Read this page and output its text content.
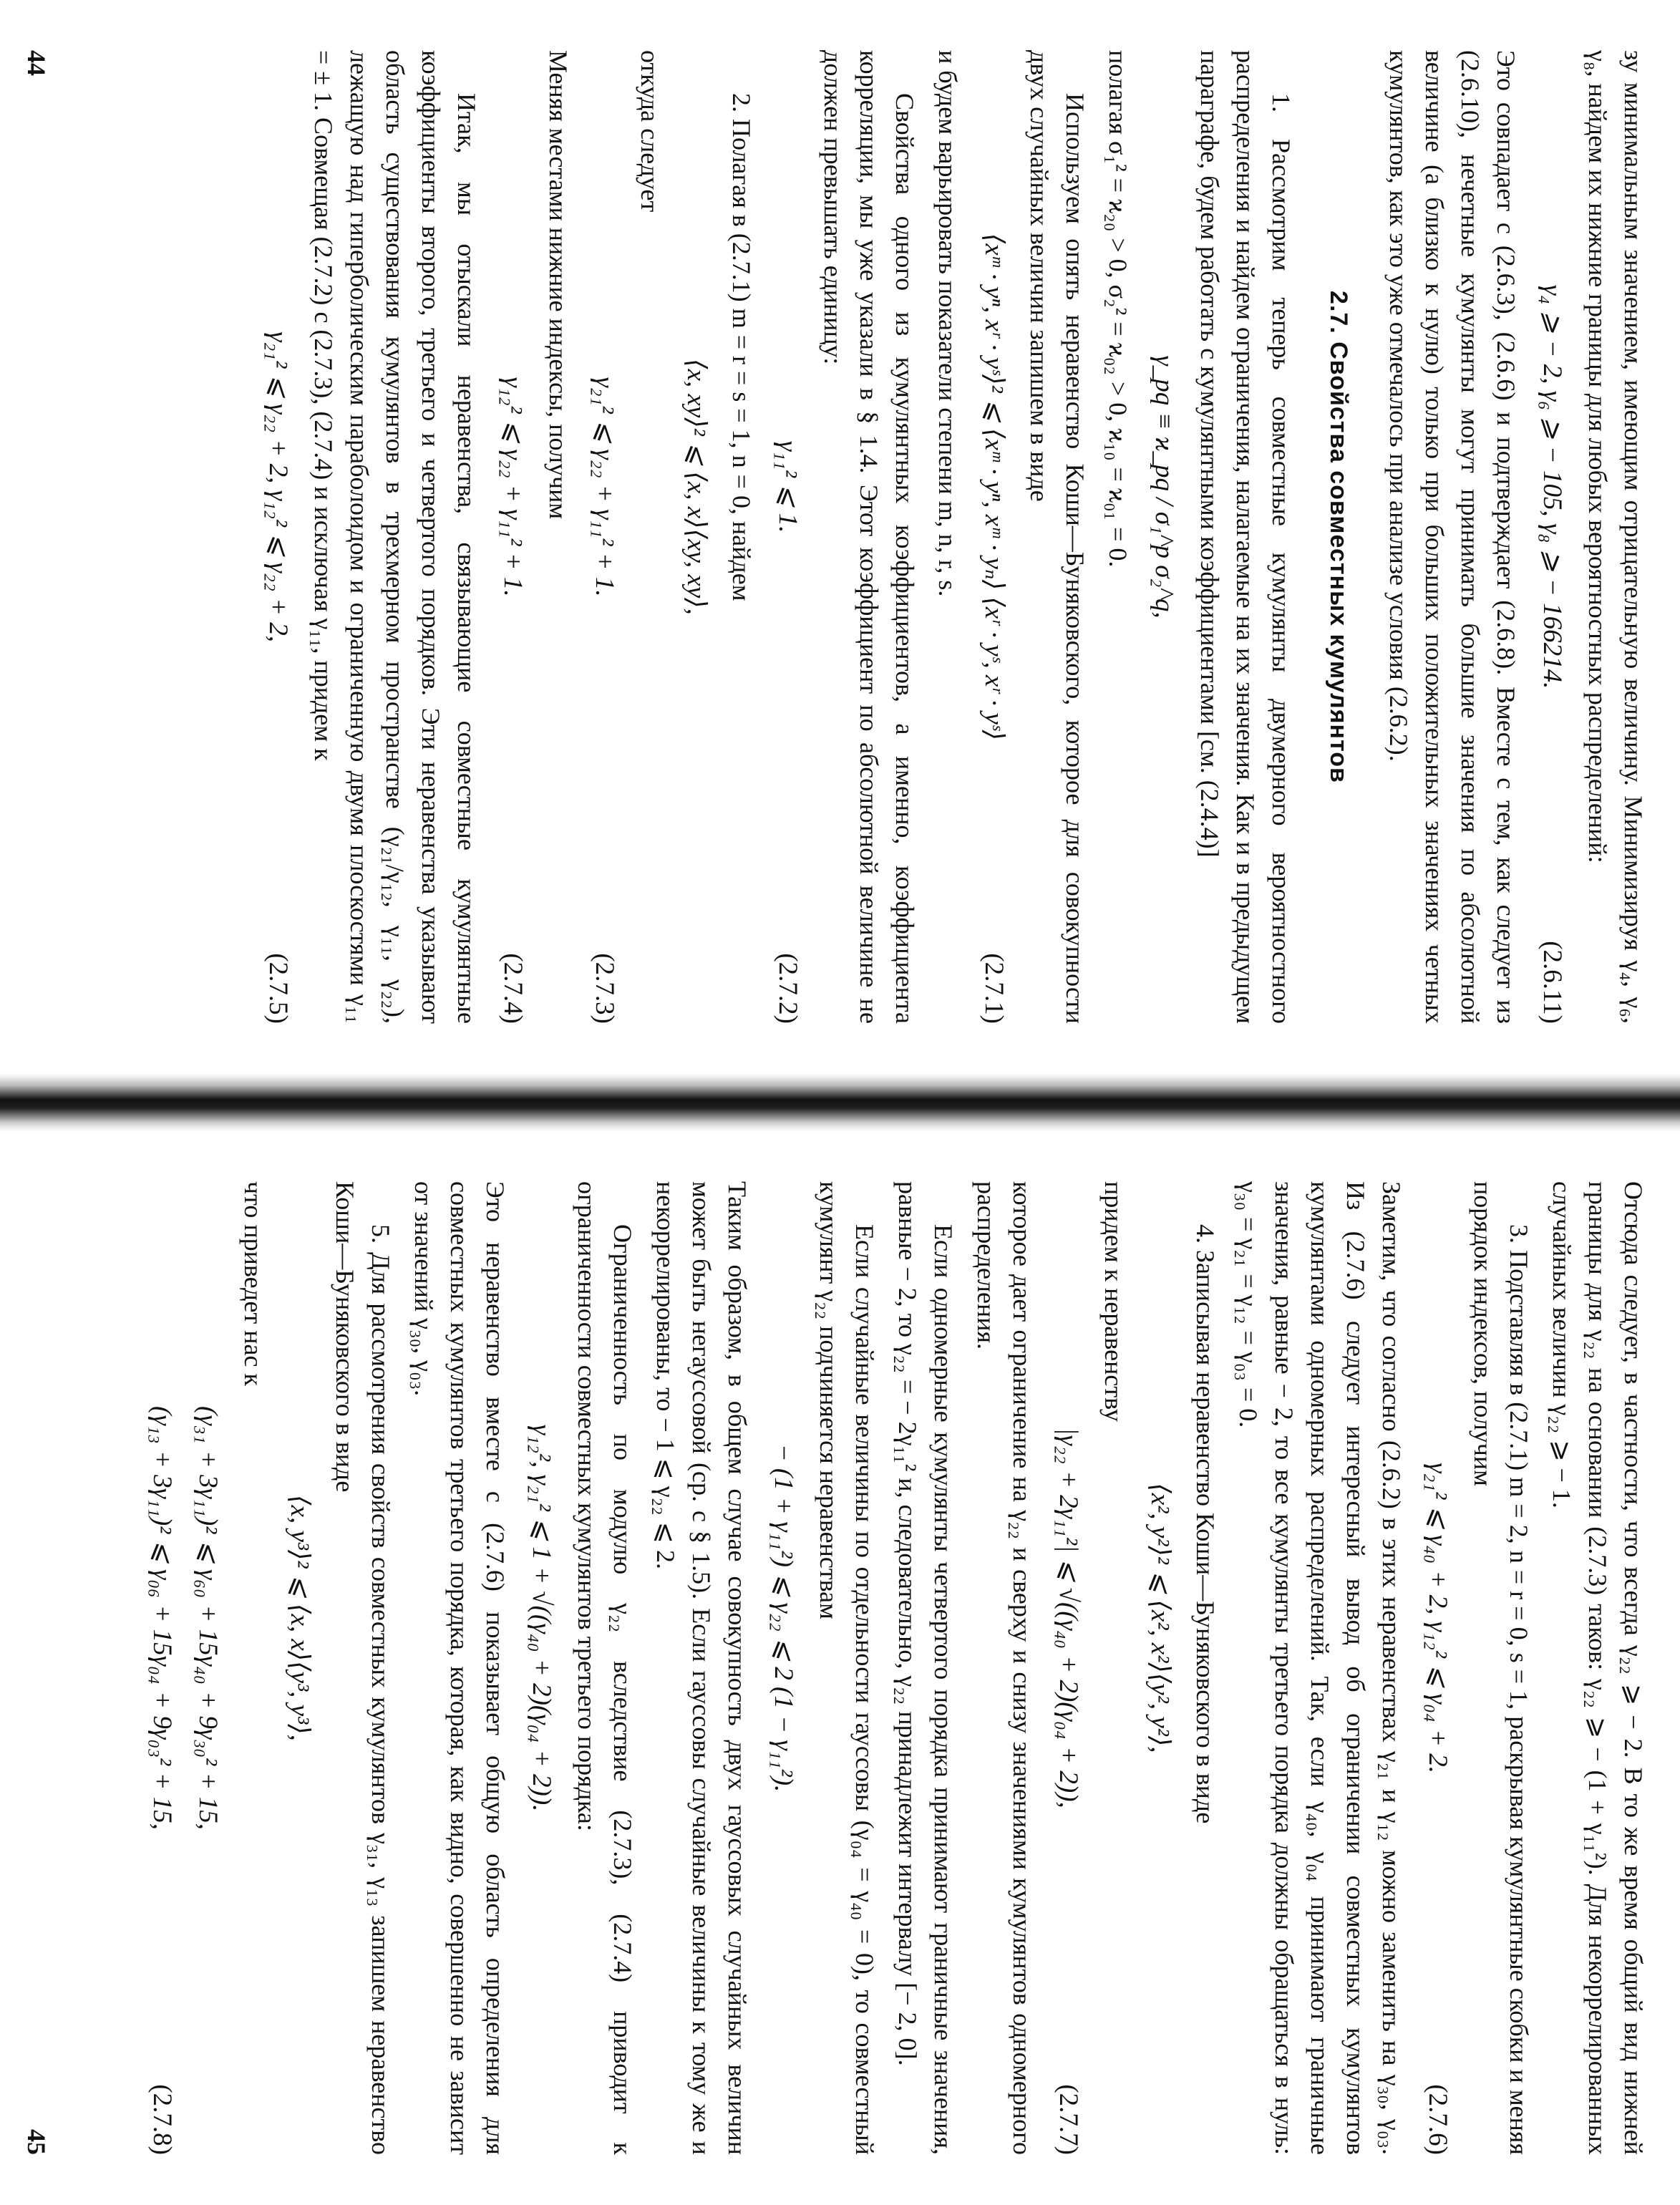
зу минимальным значением, имеющим отрицательную величину. Минимизируя γ₄, γ₆, γ₈, найдем их нижние границы для любых вероятностных распределений:

γ₄ ⩾ − 2, γ₆ ⩾ − 105, γ₈ ⩾ − 166214.
(2.6.11)

Это совпадает с (2.6.3), (2.6.6) и подтверждает (2.6.8). Вместе с тем, как следует из (2.6.10), нечетные кумулянты могут принимать большие значения по абсолютной величине (а близко к нулю) только при больших положительных значениях четных кумулянтов, как это уже отмечалось при анализе условия (2.6.2).

2.7. Свойства совместных кумулянтов

1. Рассмотрим теперь совместные кумулянты двумерного вероятностного распределения и найдем ограничения, налагаемые на их значения. Как и в предыдущем параграфе, будем работать с кумулянтными коэффициентами [см. (2.4.4)]

γ_pq ≡ ϰ_pq / σ₁^p σ₂^q,

полагая σ₁² = ϰ₂₀ > 0, σ₂² = ϰ₀₂ > 0, ϰ₁₀ = ϰ₀₁ = 0.

Используем опять неравенство Коши—Буняковского, которое для совокупности двух случайных величин запишем в виде

⟨xᵐ · yⁿ, xʳ · yˢ⟩² ⩽ ⟨xᵐ · yⁿ, xᵐ · yₙ⟩ ⟨xʳ · yˢ, xʳ · yˢ⟩
(2.7.1)

и будем варьировать показатели степени m, n, r, s.

Свойства одного из кумулянтных коэффициентов, а именно, коэффициента корреляции, мы уже указали в § 1.4. Этот коэффициент по абсолютной величине не должен превышать единицу:

γ₁₁² ⩽ 1.
(2.7.2)

2. Полагая в (2.7.1) m = r = s = 1, n = 0, найдем

⟨x, xy⟩² ⩽ ⟨x, x⟩⟨xy, xy⟩,

откуда следует

γ₂₁² ⩽ γ₂₂ + γ₁₁² + 1.
(2.7.3)

Меняя местами нижние индексы, получим

γ₁₂² ⩽ γ₂₂ + γ₁₁² + 1.
(2.7.4)

Итак, мы отыскали неравенства, связывающие совместные кумулянтные коэффициенты второго, третьего и четвертого порядков. Эти неравенства указывают область существования кумулянтов в трехмерном пространстве (γ₂₁/γ₁₂, γ₁₁, γ₂₂), лежащую над гиперболическим параболоидом и ограниченную двумя плоскостями γ₁₁ = ± 1. Совмещая (2.7.2) с (2.7.3), (2.7.4) и исключая γ₁₁, придем к

γ₂₁² ⩽ γ₂₂ + 2, γ₁₂² ⩽ γ₂₂ + 2,
(2.7.5)
44

Отсюда следует, в частности, что всегда γ₂₂ ⩾ − 2. В то же время общий вид нижней границы для γ₂₂ на основании (2.7.3) таков: γ₂₂ ⩾ − (1 + γ₁₁²). Для некоррелированных случайных величин γ₂₂ ⩾ − 1.

3. Подставляя в (2.7.1) m = 2, n = r = 0, s = 1, раскрывая кумулянтные скобки и меняя порядок индексов, получим

γ₂₁² ⩽ γ₄₀ + 2, γ₁₂² ⩽ γ₀₄ + 2.
(2.7.6)

Заметим, что согласно (2.6.2) в этих неравенствах γ₂₁ и γ₁₂ можно заменить на γ₃₀, γ₀₃. Из (2.7.6) следует интересный вывод об ограничении совместных кумулянтов кумулянтами одномерных распределений. Так, если γ₄₀, γ₀₄ принимают граничные значения, равные − 2, то все кумулянты третьего порядка должны обращаться в нуль: γ₃₀ = γ₂₁ = γ₁₂ = γ₀₃ = 0.

4. Записывая неравенство Коши—Буняковского в виде

⟨x², y²⟩² ⩽ ⟨x², x²⟩⟨y², y²⟩,

придем к неравенству

|γ₂₂ + 2γ₁₁²| ⩽ √((γ₄₀ + 2)(γ₀₄ + 2)),
(2.7.7)

которое дает ограничение на γ₂₂ и сверху и снизу значениями кумулянтов одномерного распределения.

Если одномерные кумулянты четвертого порядка принимают граничные значения, равные − 2, то γ₂₂ = − 2γ₁₁² и, следовательно, γ₂₂ принадлежит интервалу [− 2, 0].

Если случайные величины по отдельности гауссовы (γ₀₄ = γ₄₀ = 0), то совместный кумулянт γ₂₂ подчиняется неравенствам

− (1 + γ₁₁²) ⩽ γ₂₂ ⩽ 2 (1 − γ₁₁²).

Таким образом, в общем случае совокупность двух гауссовых случайных величин может быть негауссовой (ср. с § 1.5). Если гауссовы случайные величины к тому же и некоррелированы, то − 1 ⩽ γ₂₂ ⩽ 2.

Ограниченность по модулю γ₂₂ вследствие (2.7.3), (2.7.4) приводит к ограниченности совместных кумулянтов третьего порядка:

γ₁₂², γ₂₁² ⩽ 1 + √((γ₄₀ + 2)(γ₀₄ + 2)).

Это неравенство вместе с (2.7.6) показывает общую область определения для совместных кумулянтов третьего порядка, которая, как видно, совершенно не зависит от значений γ₃₀, γ₀₃.

5. Для рассмотрения свойств совместных кумулянтов γ₃₁, γ₁₃ запишем неравенство Коши—Буняковского в виде

⟨x, y³⟩² ⩽ ⟨x, x⟩⟨y³, y³⟩,

что приведет нас к

(γ₃₁ + 3γ₁₁)² ⩽ γ₆₀ + 15γ₄₀ + 9γ₃₀² + 15,
(γ₁₃ + 3γ₁₁)² ⩽ γ₀₆ + 15γ₀₄ + 9γ₀₃² + 15,
(2.7.8)
45
